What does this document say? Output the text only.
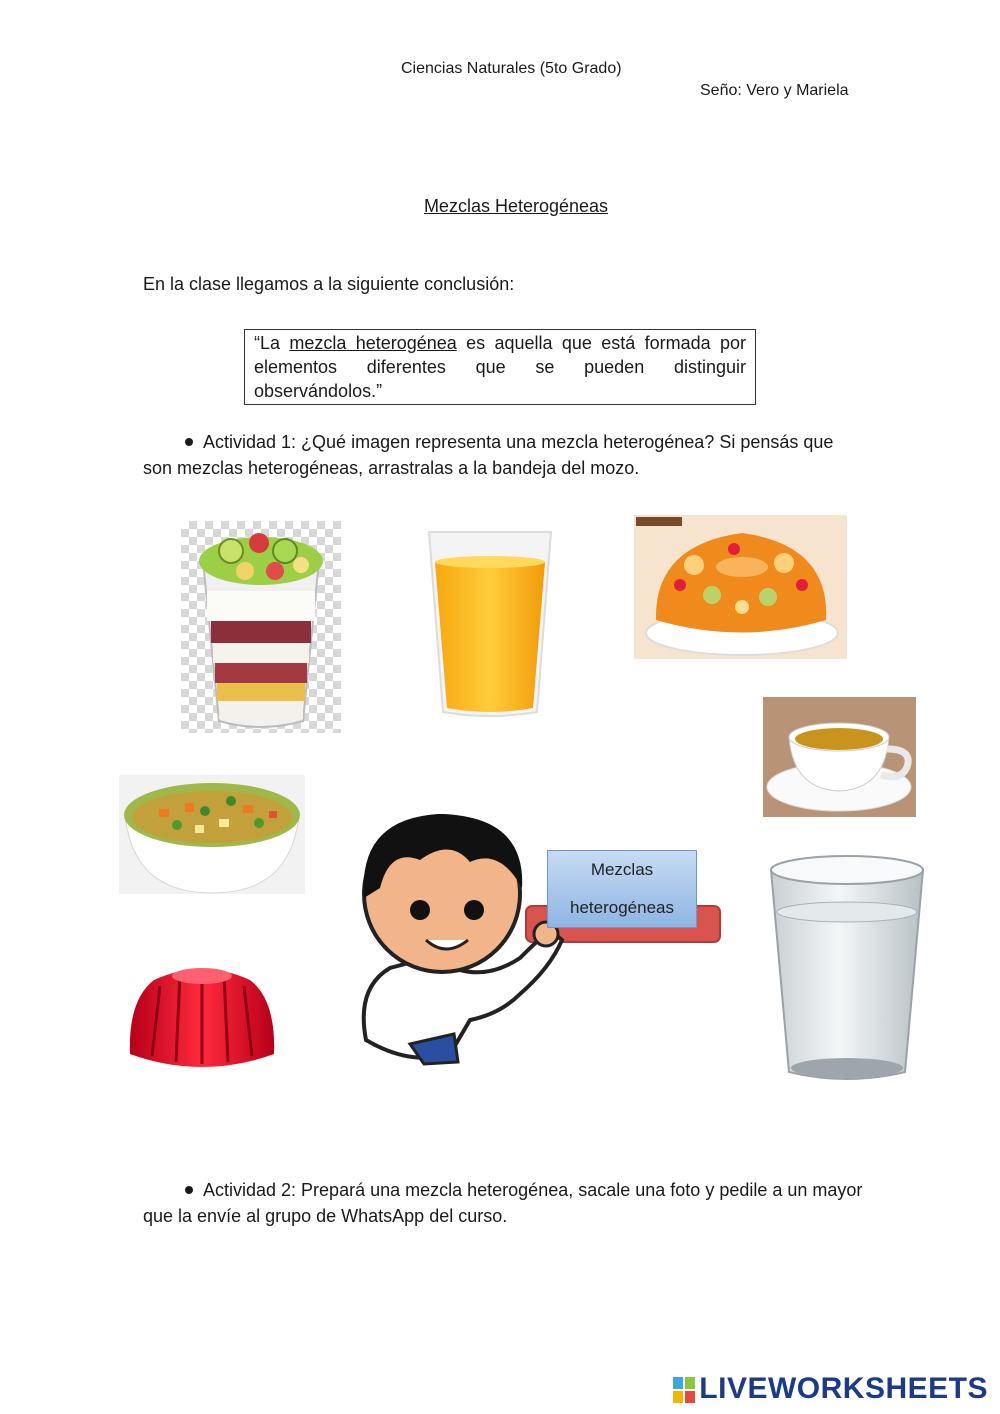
Ciencias Naturales (5to Grado)
Seño: Vero y Mariela
Mezclas Heterogéneas
En la clase llegamos a la siguiente conclusión:
“La mezcla heterogénea es aquella que está formada por elementos diferentes que se pueden distinguir observándolos.”
Actividad 1: ¿Qué imagen representa una mezcla heterogénea? Si pensás que son mezclas heterogéneas, arrastralas a la bandeja del mozo.
Mezclas
heterogéneas
Actividad 2: Prepará una mezcla heterogénea, sacale una foto y pedile a un mayor que la envíe al grupo de WhatsApp del curso.
LIVEWORKSHEETS
